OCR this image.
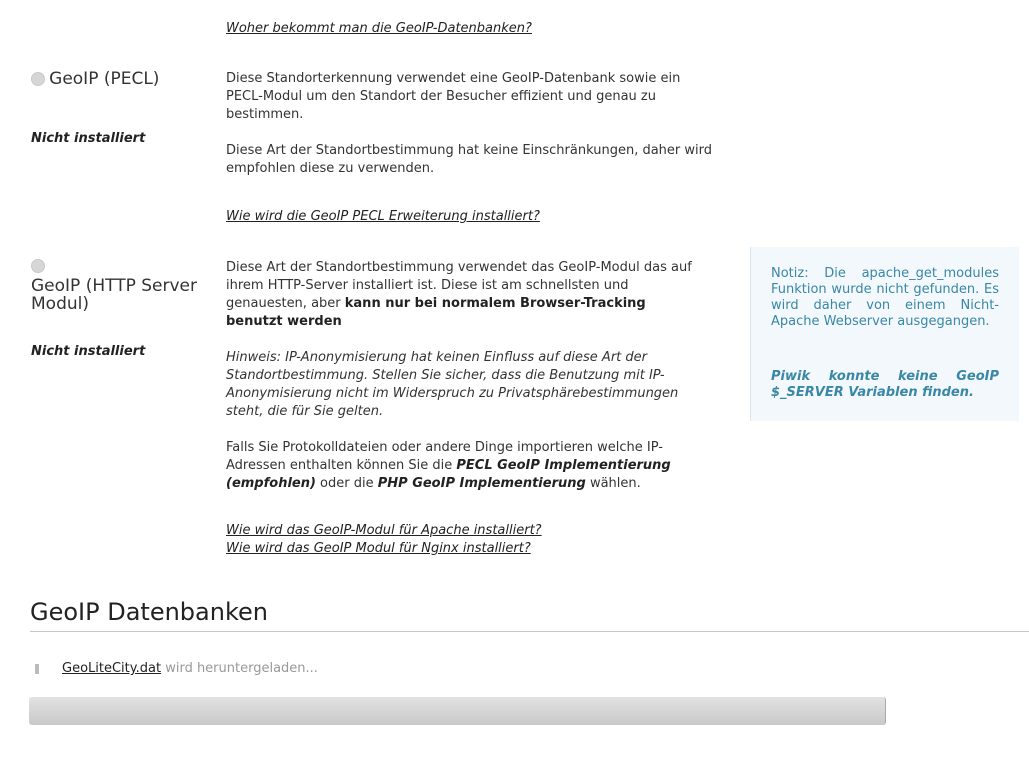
Woher bekommt man die GeoIP-Datenbanken?
GeoIP (PECL)
Nicht installiert

Diese Standorterkennung verwendet eine GeoIP-Datenbank sowie ein PECL-Modul um den Standort der Besucher effizient und genau zu bestimmen.

Diese Art der Standortbestimmung hat keine Einschränkungen, daher wird empfohlen diese zu verwenden.

Wie wird die GeoIP PECL Erweiterung installiert?
GeoIP (HTTP Server Modul)
Nicht installiert

Diese Art der Standortbestimmung verwendet das GeoIP-Modul das auf ihrem HTTP-Server installiert ist. Diese ist am schnellsten und genauesten, aber kann nur bei normalem Browser-Tracking benutzt werden

Hinweis: IP-Anonymisierung hat keinen Einfluss auf diese Art der Standortbestimmung. Stellen Sie sicher, dass die Benutzung mit IP-Anonymisierung nicht im Widerspruch zu Privatsphärebestimmungen steht, die für Sie gelten.

Falls Sie Protokolldateien oder andere Dinge importieren welche IP-Adressen enthalten können Sie die PECL GeoIP Implementierung (empfohlen) oder die PHP GeoIP Implementierung wählen.

Wie wird das GeoIP-Modul für Apache installiert?
Wie wird das GeoIP Modul für Nginx installiert?
Notiz: Die apache_get_modules Funktion wurde nicht gefunden. Es wird daher von einem Nicht-Apache Webserver ausgegangen.
Piwik konnte keine GeoIP $_SERVER Variablen finden.
GeoIP Datenbanken
GeoLiteCity.dat wird heruntergeladen...
